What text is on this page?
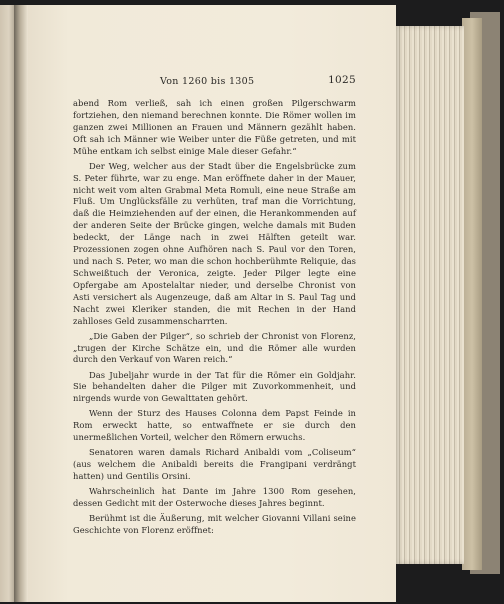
Von 1260 bis 1305	1025

abend Rom verließ, sah ich einen großen Pilgerschwarm fortziehen, den niemand berechnen konnte. Die Römer wollen im ganzen zwei Millionen an Frauen und Männern gezählt haben. Oft sah ich Männer wie Weiber unter die Füße getreten, und mit Mühe entkam ich selbst einige Male dieser Gefahr.“

Der Weg, welcher aus der Stadt über die Engelsbrücke zum S. Peter führte, war zu enge. Man eröffnete daher in der Mauer, nicht weit vom alten Grabmal Meta Romuli, eine neue Straße am Fluß. Um Unglücksfälle zu verhüten, traf man die Vorrichtung, daß die Heimziehenden auf der einen, die Herankommenden auf der anderen Seite der Brücke gingen, welche damals mit Buden bedeckt, der Länge nach in zwei Hälften geteilt war. Prozessionen zogen ohne Aufhören nach S. Paul vor den Toren, und nach S. Peter, wo man die schon hochberühmte Reliquie, das Schweißtuch der Veronica, zeigte. Jeder Pilger legte eine Opfergabe am Apostelaltar nieder, und derselbe Chronist von Asti versichert als Augenzeuge, daß am Altar in S. Paul Tag und Nacht zwei Kleriker standen, die mit Rechen in der Hand zahlloses Geld zusammenscharrten.

„Die Gaben der Pilger“, so schrieb der Chronist von Florenz, „trugen der Kirche Schätze ein, und die Römer alle wurden durch den Verkauf von Waren reich.“

Das Jubeljahr wurde in der Tat für die Römer ein Goldjahr. Sie behandelten daher die Pilger mit Zuvorkommenheit, und nirgends wurde von Gewalttaten gehört.

Wenn der Sturz des Hauses Colonna dem Papst Feinde in Rom erweckt hatte, so entwaffnete er sie durch den unermeßlichen Vorteil, welcher den Römern erwuchs.

Senatoren waren damals Richard Anibaldi vom „Coliseum“ (aus welchem die Anibaldi bereits die Frangipani verdrängt hatten) und Gentilis Orsini.

Wahrscheinlich hat Dante im Jahre 1300 Rom gesehen, dessen Gedicht mit der Osterwoche dieses Jahres beginnt.

Berühmt ist die Äußerung, mit welcher Giovanni Villani seine Geschichte von Florenz eröffnet:
